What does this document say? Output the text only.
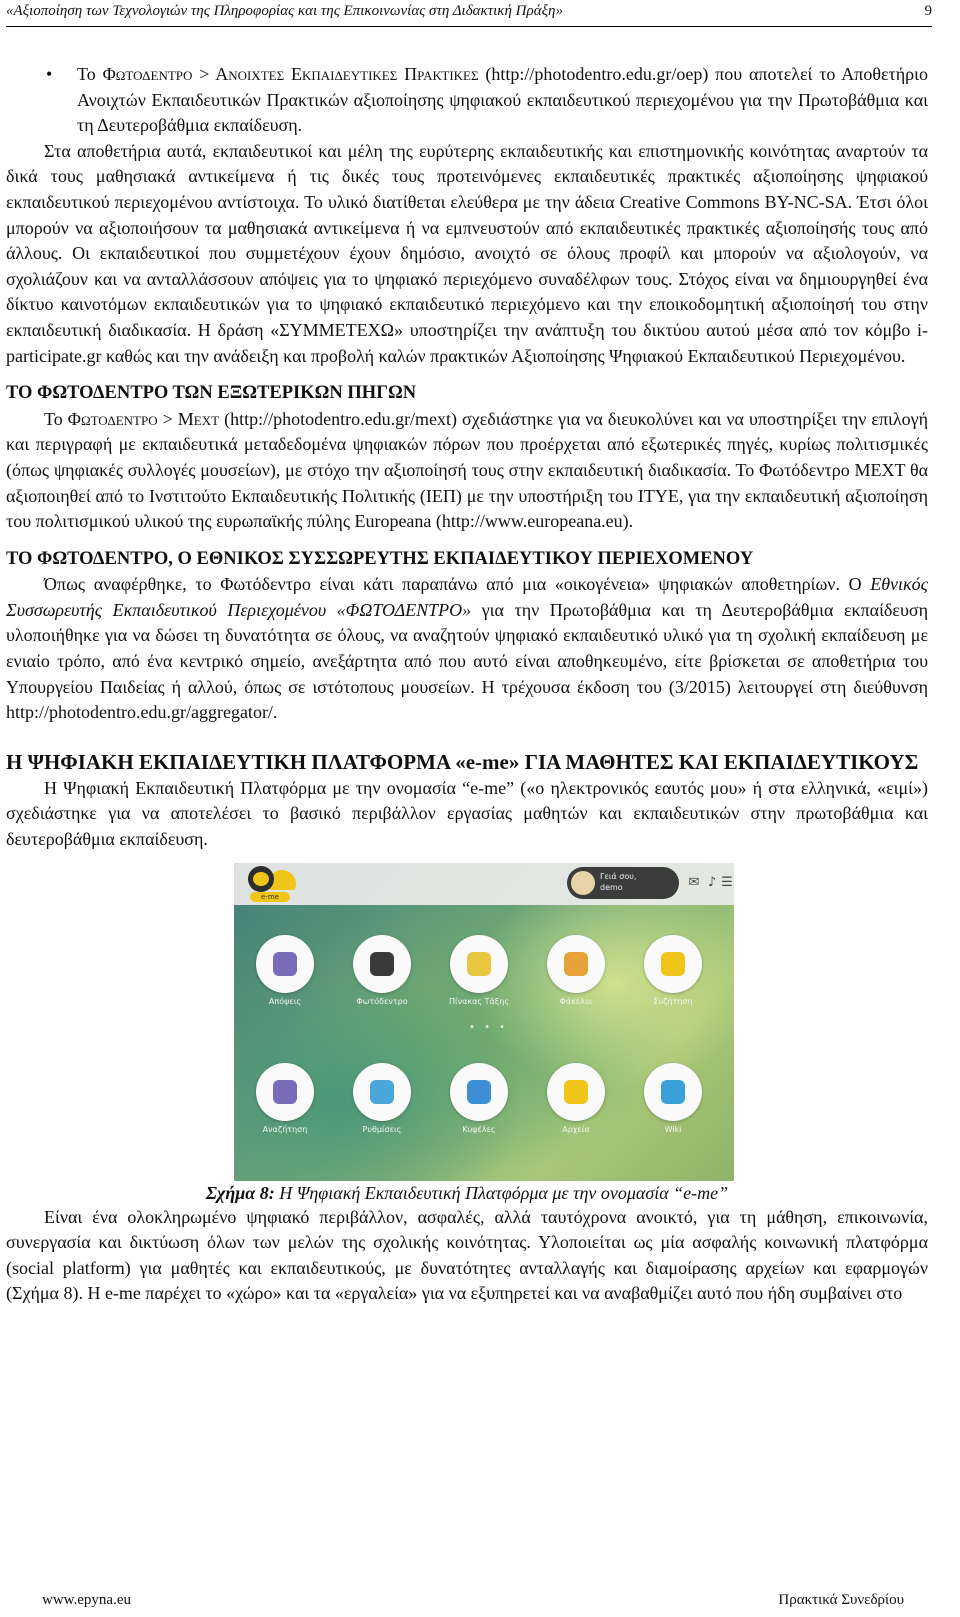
«Αξιοποίηση των Τεχνολογιών της Πληροφορίας και της Επικοινωνίας στη Διδακτική Πράξη»	9

• Το Φωτοδεντρο > Ανοιχτες Εκπαιδευτικες Πρακτικες (http://photodentro.edu.gr/oep) που αποτελεί το Αποθετήριο Ανοιχτών Εκπαιδευτικών Πρακτικών αξιοποίησης ψηφιακού εκπαιδευτικού περιεχομένου για την Πρωτοβάθμια και τη Δευτεροβάθμια εκπαίδευση.

Στα αποθετήρια αυτά, εκπαιδευτικοί και μέλη της ευρύτερης εκπαιδευτικής και επιστημονικής κοινότητας αναρτούν τα δικά τους μαθησιακά αντικείμενα ή τις δικές τους προτεινόμενες εκπαιδευτικές πρακτικές αξιοποίησης ψηφιακού εκπαιδευτικού περιεχομένου αντίστοιχα. Το υλικό διατίθεται ελεύθερα με την άδεια Creative Commons BY-NC-SA. Έτσι όλοι μπορούν να αξιοποιήσουν τα μαθησιακά αντικείμενα ή να εμπνευστούν από εκπαιδευτικές πρακτικές αξιοποίησής τους από άλλους. Οι εκπαιδευτικοί που συμμετέχουν έχουν δημόσιο, ανοιχτό σε όλους προφίλ και μπορούν να αξιολογούν, να σχολιάζουν και να ανταλλάσσουν απόψεις για το ψηφιακό περιεχόμενο συναδέλφων τους. Στόχος είναι να δημιουργηθεί ένα δίκτυο καινοτόμων εκπαιδευτικών για το ψηφιακό εκπαιδευτικό περιεχόμενο και την εποικοδομητική αξιοποίησή του στην εκπαιδευτική διαδικασία. Η δράση «ΣΥΜΜΕΤΕΧΩ» υποστηρίζει την ανάπτυξη του δικτύου αυτού μέσα από τον κόμβο i-participate.gr καθώς και την ανάδειξη και προβολή καλών πρακτικών Αξιοποίησης Ψηφιακού Εκπαιδευτικού Περιεχομένου.

ΤΟ ΦΩΤΟΔΕΝΤΡΟ ΤΩΝ ΕΞΩΤΕΡΙΚΩΝ ΠΗΓΩΝ

Το Φωτοδεντρο > Mext (http://photodentro.edu.gr/mext) σχεδιάστηκε για να διευκολύνει και να υποστηρίξει την επιλογή και περιγραφή με εκπαιδευτικά μεταδεδομένα ψηφιακών πόρων που προέρχεται από εξωτερικές πηγές, κυρίως πολιτισμικές (όπως ψηφιακές συλλογές μουσείων), με στόχο την αξιοποίησή τους στην εκπαιδευτική διαδικασία. Το Φωτόδεντρο MEXT θα αξιοποιηθεί από το Ινστιτούτο Εκπαιδευτικής Πολιτικής (ΙΕΠ) με την υποστήριξη του ΙΤΥΕ, για την εκπαιδευτική αξιοποίηση του πολιτισμικού υλικού της ευρωπαϊκής πύλης Europeana (http://www.europeana.eu).

ΤΟ ΦΩΤΟΔΕΝΤΡΟ, Ο ΕΘΝΙΚΟΣ ΣΥΣΣΩΡΕΥΤΗΣ ΕΚΠΑΙΔΕΥΤΙΚΟΥ ΠΕΡΙΕΧΟΜΕΝΟΥ

Όπως αναφέρθηκε, το Φωτόδεντρο είναι κάτι παραπάνω από μια «οικογένεια» ψηφιακών αποθετηρίων. Ο Εθνικός Συσσωρευτής Εκπαιδευτικού Περιεχομένου «ΦΩΤΟΔΕΝΤΡΟ» για την Πρωτοβάθμια και τη Δευτεροβάθμια εκπαίδευση υλοποιήθηκε για να δώσει τη δυνατότητα σε όλους, να αναζητούν ψηφιακό εκπαιδευτικό υλικό για τη σχολική εκπαίδευση με ενιαίο τρόπο, από ένα κεντρικό σημείο, ανεξάρτητα από που αυτό είναι αποθηκευμένο, είτε βρίσκεται σε αποθετήρια του Υπουργείου Παιδείας ή αλλού, όπως σε ιστότοπους μουσείων. Η τρέχουσα έκδοση του (3/2015) λειτουργεί στη διεύθυνση http://photodentro.edu.gr/aggregator/.

Η ΨΗΦΙΑΚΗ ΕΚΠΑΙΔΕΥΤΙΚΗ ΠΛΑΤΦΟΡΜΑ «e-me» ΓΙΑ ΜΑΘΗΤΕΣ ΚΑΙ ΕΚΠΑΙΔΕΥΤΙΚΟΥΣ

Η Ψηφιακή Εκπαιδευτική Πλατφόρμα με την ονομασία “e-me” («ο ηλεκτρονικός εαυτός μου» ή στα ελληνικά, «ειμί») σχεδιάστηκε για να αποτελέσει το βασικό περιβάλλον εργασίας μαθητών και εκπαιδευτικών στην πρωτοβάθμια και δευτεροβάθμια εκπαίδευση.

e-me
Γειά σου,
demo	✉ ♪ ☰
Απόψεις	Φωτόδεντρο	Πίνακας Τάξης	Φάκελοι	Συζήτηση
• • •
Αναζήτηση	Ρυθμίσεις	Κυψέλες	Αρχεία	Wiki

Σχήμα 8: Η Ψηφιακή Εκπαιδευτική Πλατφόρμα με την ονομασία “e-me”

Είναι ένα ολοκληρωμένο ψηφιακό περιβάλλον, ασφαλές, αλλά ταυτόχρονα ανοικτό, για τη μάθηση, επικοινωνία, συνεργασία και δικτύωση όλων των μελών της σχολικής κοινότητας. Υλοποιείται ως μία ασφαλής κοινωνική πλατφόρμα (social platform) για μαθητές και εκπαιδευτικούς, με δυνατότητες ανταλλαγής και διαμοίρασης αρχείων και εφαρμογών (Σχήμα 8). Η e-me παρέχει το «χώρο» και τα «εργαλεία» για να εξυπηρετεί και να αναβαθμίζει αυτό που ήδη συμβαίνει στο

www.epyna.eu	Πρακτικά Συνεδρίου
